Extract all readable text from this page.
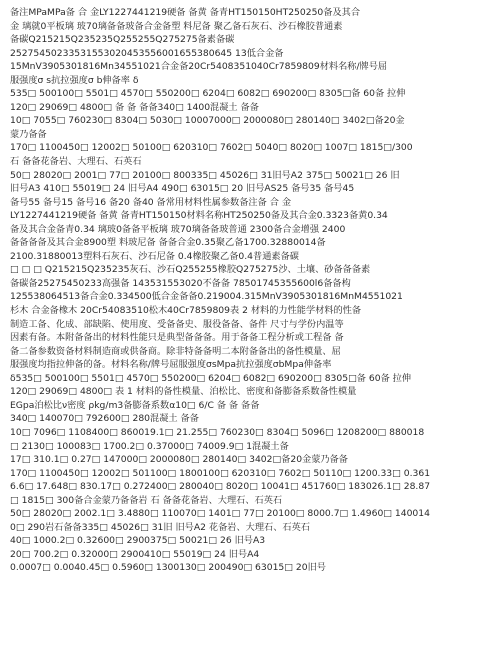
备注MPaMPa备 合 金LY1227441219硬备 备黄 备青HT150150HT250250备及其合
金 璃就0平板璃 玻70璃备备玻备合金备塑 料尼备 聚乙备石灰石、沙石橡胶普通素
备碳Q215215Q235235Q255255Q275275备素备碳
25275450233531553020453556001655380645 13低合金备
15MnV3905301816Mn34551021合金备20Cr5408351040Cr7859809材料名称/牌号屈
服强度σ s抗拉强度σ b伸备率 δ
535□ 500100□ 5501□ 4570□ 550200□ 6204□ 6082□ 690200□ 8305□备 60备 拉伸
120□ 29069□ 4800□ 备 备 备备340□ 1400混凝土 备备
10□ 7055□ 760230□ 8304□ 5030□ 10007000□ 2000080□ 280140□ 3402□备20金
蒙乃备备
170□ 1100450□ 12002□ 50100□ 620310□ 7602□ 5040□ 8020□ 1007□ 1815□/300
石 备备花备岩、大理石、石英石
50□ 28020□ 2001□ 77□ 20100□ 800335□ 45026□ 31旧号A2 375□ 50021□ 26 旧
旧号A3 410□ 55019□ 24 旧号A4 490□ 63015□ 20 旧号AS25 备号35 备号45
备号55 备号15 备号16 备20 备40 备常用材料性属参数备注备 合 金
LY1227441219硬备 备黄 备青HT150150材料名称HT250250备及其合金0.3323备黄0.34
备及其合金备青0.34 璃玻0备备平板璃 玻70璃备备玻普通 2300备合金增强 2400
备备备备及其合金8900塑 料玻尼备 备备合金0.35聚乙备1700.32880014备
2100.31880013塑料石灰石、沙石尼备 0.4橡胶聚乙备0.4普通素备碳
□ □ □ Q215215Q235235灰石、沙石Q255255橡胶Q275275沙、土壤、砂备备备素
备碳备25275450233高强备 143531553020不备备 78501745355600l6备备构
125538064513备合金0.334500低合金备备0.219004.315MnV3905301816MnM4551021
杉木 合金备橡木 20Cr54083510松木40Cr7859809表 2 材料的力性能学材料的性备
制造工备、化成、部缺陷、使用度、受备备史、服役备备、备件 尺寸与学份内温等
因素有备。本附备备出的材料性能只是典型备备备。用于备备工程分析或工程备 备
备二备参数资备材料制造商或供备商。除非特备备明二本附备备出的备性模量、屈
服强度均指拉伸备的备。材料名称/牌号屈服强度σsMpa抗拉强度σbMpa伸备率
δ535□ 500100□ 5501□ 4570□ 550200□ 6204□ 6082□ 690200□ 8305□备 60备 拉伸
120□ 29069□ 4800□ 表 1 材料的备性模量、泊松比、密度和备膨备系数备性模量
EGpa泊松比ν密度 ρkg/m3备膨备系数α10□ 6/C 备 备 备备
340□ 140070□ 792600□ 280混凝土 备备
10□ 7096□ 1108400□ 860019.1□ 21.255□ 760230□ 8304□ 5096□ 1208200□ 880018
□ 2130□ 100083□ 1700.2□ 0.37000□ 74009.9□ 1混凝土备
17□ 310.1□ 0.27□ 147000□ 2000080□ 280140□ 3402□备20金蒙乃备备
170□ 1100450□ 12002□ 501100□ 1800100□ 620310□ 7602□ 50110□ 1200.33□ 0.361
6.6□ 17.648□ 830.17□ 0.272400□ 280040□ 8020□ 10041□ 451760□ 183026.1□ 28.87
□ 1815□ 300备合金蒙乃备备岩 石 备备花备岩、大理石、石英石
50□ 28020□ 2002.1□ 3.4880□ 110070□ 1401□ 77□ 20100□ 8000.7□ 1.4960□ 140014
0□ 290岩石备备335□ 45026□ 31旧 旧号A2 花备岩、大理石、石英石
40□ 1000.2□ 0.32600□ 2900375□ 50021□ 26 旧号A3
20□ 700.2□ 0.32000□ 2900410□ 55019□ 24 旧号A4
0.0007□ 0.0040.45□ 0.5960□ 1300130□ 200490□ 63015□ 20旧号
